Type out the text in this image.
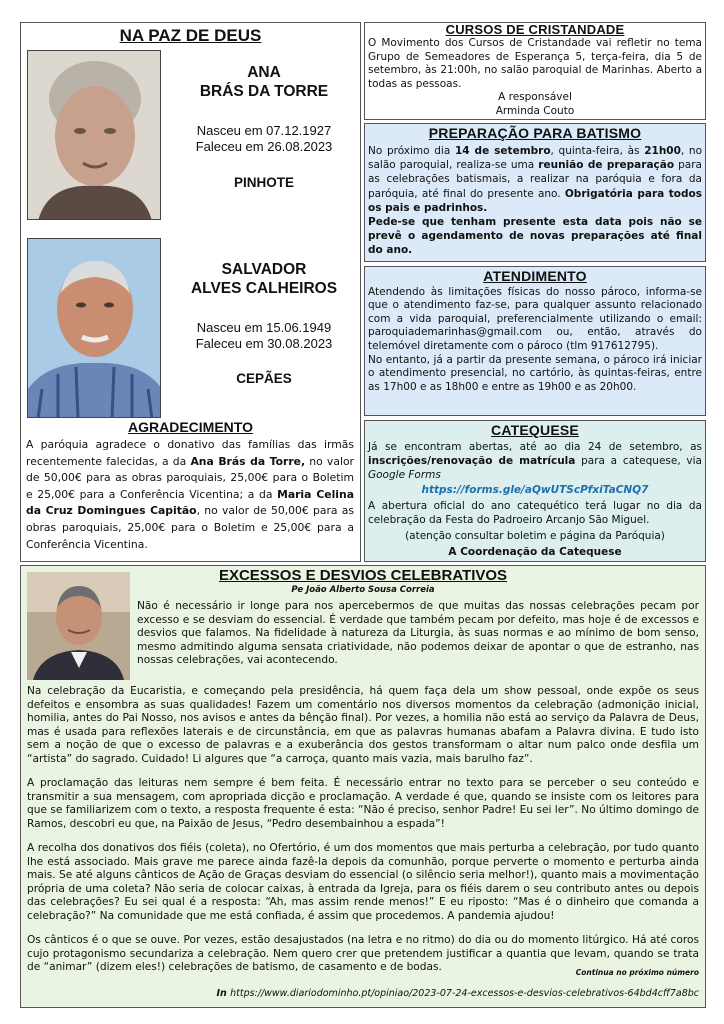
NA PAZ DE DEUS
ANA
BRÁS DA TORRE
Nasceu em 07.12.1927
Faleceu em 26.08.2023
PINHOTE
SALVADOR
ALVES CALHEIROS
Nasceu em 15.06.1949
Faleceu em 30.08.2023
CEPÃES
AGRADECIMENTO

A paróquia agradece o donativo das famílias das irmãs recentemente falecidas, a da Ana Brás da Torre, no valor de 50,00€ para as obras paroquiais, 25,00€ para o Boletim e 25,00€ para a Conferência Vicentina; a da Maria Celina da Cruz Domingues Capitão, no valor de 50,00€ para as obras paroquiais, 25,00€ para o Boletim e 25,00€ para a Conferência Vicentina.

CURSOS DE CRISTANDADE

O Movimento dos Cursos de Cristandade vai refletir no tema Grupo de Semeadores de Esperança 5, terça-feira, dia 5 de setembro, às 21:00h, no salão paroquial de Marinhas. Aberto a todas as pessoas.

A responsável

Arminda Couto

PREPARAÇÃO PARA BATISMO

No próximo dia 14 de setembro, quinta-feira, às 21h00, no salão paroquial, realiza-se uma reunião de preparação para as celebrações batismais, a realizar na paróquia e fora da paróquia, até final do presente ano. Obrigatória para todos os pais e padrinhos.
Pede-se que tenham presente esta data pois não se prevê o agendamento de novas preparações até final do ano.

ATENDIMENTO

Atendendo às limitações físicas do nosso pároco, informa-se que o atendimento faz-se, para qualquer assunto relacionado com a vida paroquial, preferencialmente utilizando o email: paroquiademarinhas@gmail.com ou, então, através do telemóvel diretamente com o pároco (tlm 917612795).

No entanto, já a partir da presente semana, o pároco irá iniciar o atendimento presencial, no cartório, às quintas-feiras, entre as 17h00 e as 18h00 e entre as 19h00 e as 20h00.

CATEQUESE

Já se encontram abertas, até ao dia 24 de setembro, as inscrições/renovação de matrícula para a catequese, via Google Forms

https://forms.gle/aQwUTScPfxiTaCNQ7

A abertura oficial do ano catequético terá lugar no dia da celebração da Festa do Padroeiro Arcanjo São Miguel.

(atenção consultar boletim e página da Paróquia)

A Coordenação da Catequese

EXCESSOS E DESVIOS CELEBRATIVOS
Pe João Alberto Sousa Correia

Não é necessário ir longe para nos apercebermos de que muitas das nossas celebrações pecam por excesso e se desviam do essencial. É verdade que também pecam por defeito, mas hoje é de excessos e desvios que falamos. Na fidelidade à natureza da Liturgia, às suas normas e ao mínimo de bom senso, mesmo admitindo alguma sensata criatividade, não podemos deixar de apontar o que de estranho, nas nossas celebrações, vai acontecendo.

Na celebração da Eucaristia, e começando pela presidência, há quem faça dela um show pessoal, onde expõe os seus defeitos e ensombra as suas qualidades! Fazem um comentário nos diversos momentos da celebração (admonição inicial, homilia, antes do Pai Nosso, nos avisos e antes da bênção final). Por vezes, a homilia não está ao serviço da Palavra de Deus, mas é usada para reflexões laterais e de circunstância, em que as palavras humanas abafam a Palavra divina. E tudo isto sem a noção de que o excesso de palavras e a exuberância dos gestos transformam o altar num palco onde desfila um “artista” do sagrado. Cuidado! Li algures que “a carroça, quanto mais vazia, mais barulho faz”.

A proclamação das leituras nem sempre é bem feita. É necessário entrar no texto para se perceber o seu conteúdo e transmitir a sua mensagem, com apropriada dicção e proclamação. A verdade é que, quando se insiste com os leitores para que se familiarizem com o texto, a resposta frequente é esta: “Não é preciso, senhor Padre! Eu sei ler”. No último domingo de Ramos, descobri eu que, na Paixão de Jesus, “Pedro desembainhou a espada”!

A recolha dos donativos dos fiéis (coleta), no Ofertório, é um dos momentos que mais perturba a celebração, por tudo quanto lhe está associado. Mais grave me parece ainda fazê-la depois da comunhão, porque perverte o momento e perturba ainda mais. Se até alguns cânticos de Ação de Graças desviam do essencial (o silêncio seria melhor!), quanto mais a movimentação própria de uma coleta? Não seria de colocar caixas, à entrada da Igreja, para os fiéis darem o seu contributo antes ou depois das celebrações? Eu sei qual é a resposta: “Ah, mas assim rende menos!” E eu riposto: “Mas é o dinheiro que comanda a celebração?” Na comunidade que me está confiada, é assim que procedemos. A pandemia ajudou!

Os cânticos é o que se ouve. Por vezes, estão desajustados (na letra e no ritmo) do dia ou do momento litúrgico. Há até coros cujo protagonismo secundariza a celebração. Nem quero crer que pretendem justificar a quantia que levam, quando se trata de “animar” (dizem eles!) celebrações de batismo, de casamento e de bodas.	Continua no próximo número
In https://www.diariodominho.pt/opiniao/2023-07-24-excessos-e-desvios-celebrativos-64bd4cff7a8bc
